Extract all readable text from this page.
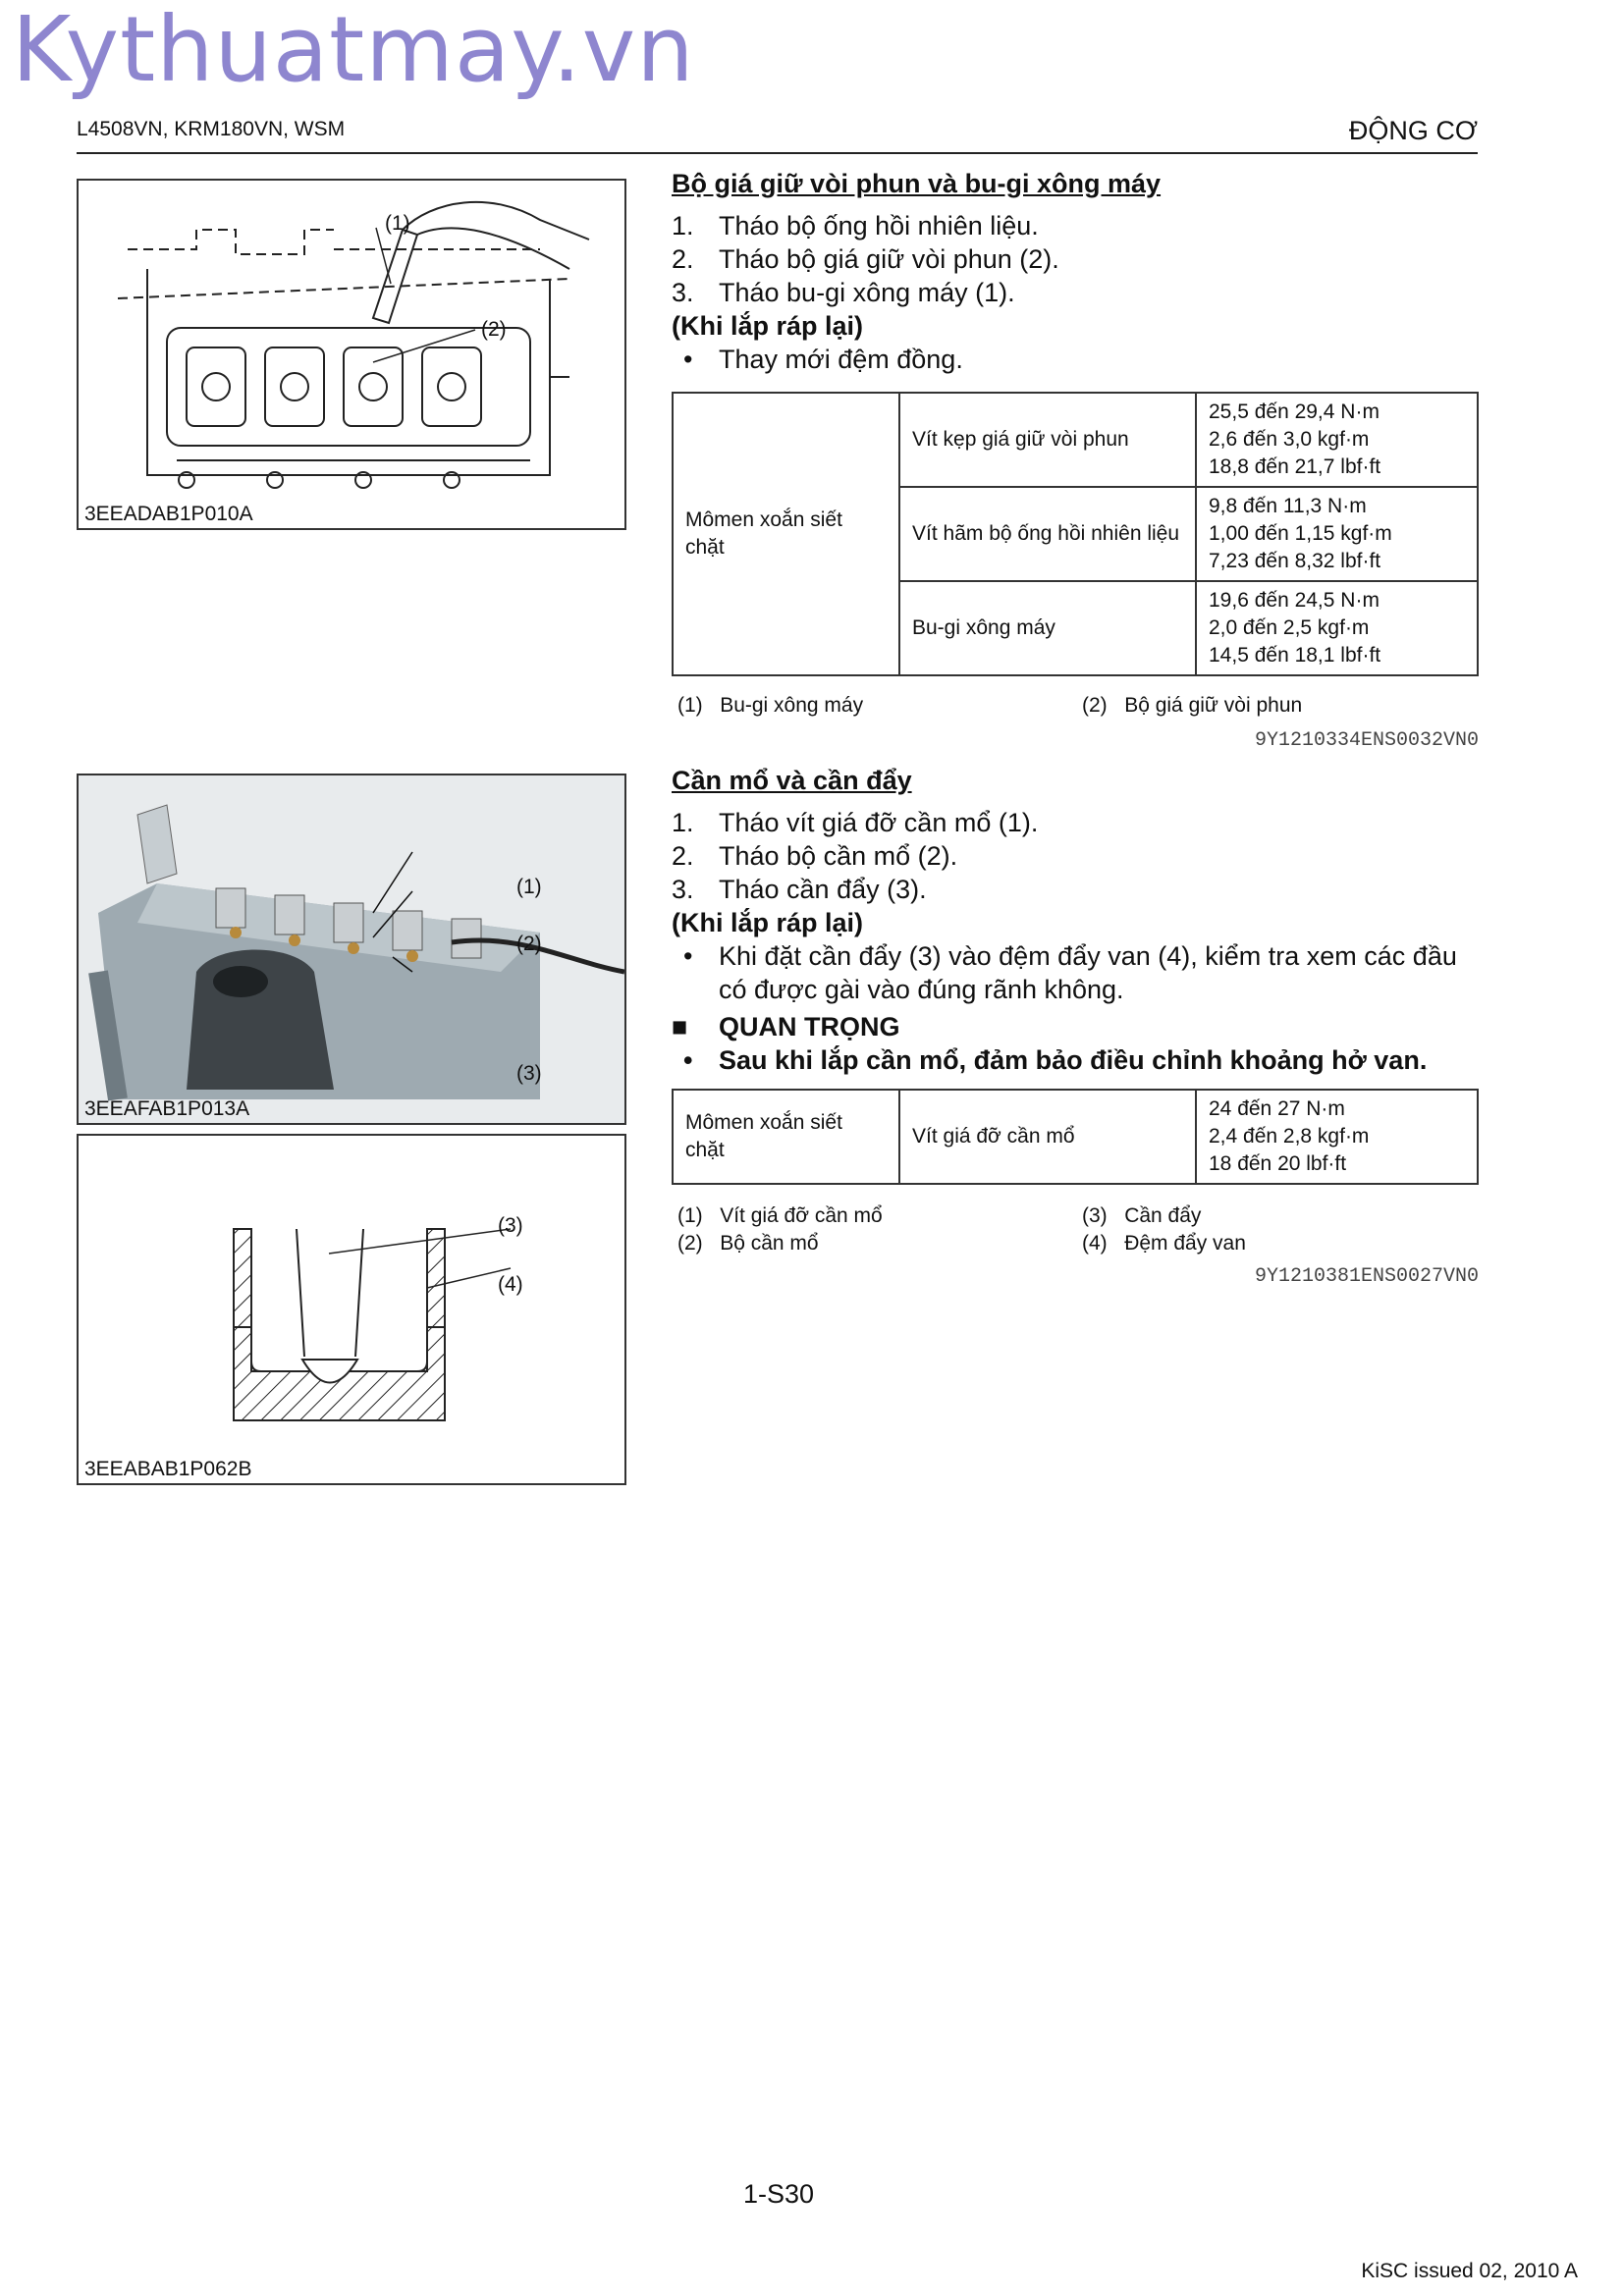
Kythuatmay.vn
L4508VN, KRM180VN, WSM	ĐỘNG CƠ
(1)
(2)
3EEADAB1P010A
(1)
(2)
(3)
3EEAFAB1P013A
(3)
(4)
3EEABAB1P062B
Bộ giá giữ vòi phun và bu-gi xông máy
1. Tháo bộ ống hồi nhiên liệu.
2. Tháo bộ giá giữ vòi phun (2).
3. Tháo bu-gi xông máy (1).
(Khi lắp ráp lại)
• Thay mới đệm đồng.
Mômen xoắn siết chặt	Vít kẹp giá giữ vòi phun	25,5 đến 29,4 N·m
2,6 đến 3,0 kgf·m
18,8 đến 21,7 lbf·ft

	Vít hãm bộ ống hồi nhiên liệu	9,8 đến 11,3 N·m
1,00 đến 1,15 kgf·m
7,23 đến 8,32 lbf·ft

	Bu-gi xông máy	19,6 đến 24,5 N·m
2,0 đến 2,5 kgf·m
14,5 đến 18,1 lbf·ft
(1) Bu-gi xông máy	(2) Bộ giá giữ vòi phun
9Y1210334ENS0032VN0
Cần mổ và cần đẩy
1. Tháo vít giá đỡ cần mổ (1).
2. Tháo bộ cần mổ (2).
3. Tháo cần đẩy (3).
(Khi lắp ráp lại)
• Khi đặt cần đẩy (3) vào đệm đẩy van (4), kiểm tra xem các đầu
có được gài vào đúng rãnh không.
■ QUAN TRỌNG
• Sau khi lắp cần mổ, đảm bảo điều chỉnh khoảng hở van.
Mômen xoắn siết chặt	Vít giá đỡ cần mổ	
24 đến 27 N·m
2,4 đến 2,8 kgf·m
18 đến 20 lbf·ft
(1) Vít giá đỡ cần mổ
(2) Bộ cần mổ
(3) Cần đẩy
(4) Đệm đẩy van
9Y1210381ENS0027VN0
1-S30
KiSC issued 02, 2010 A
